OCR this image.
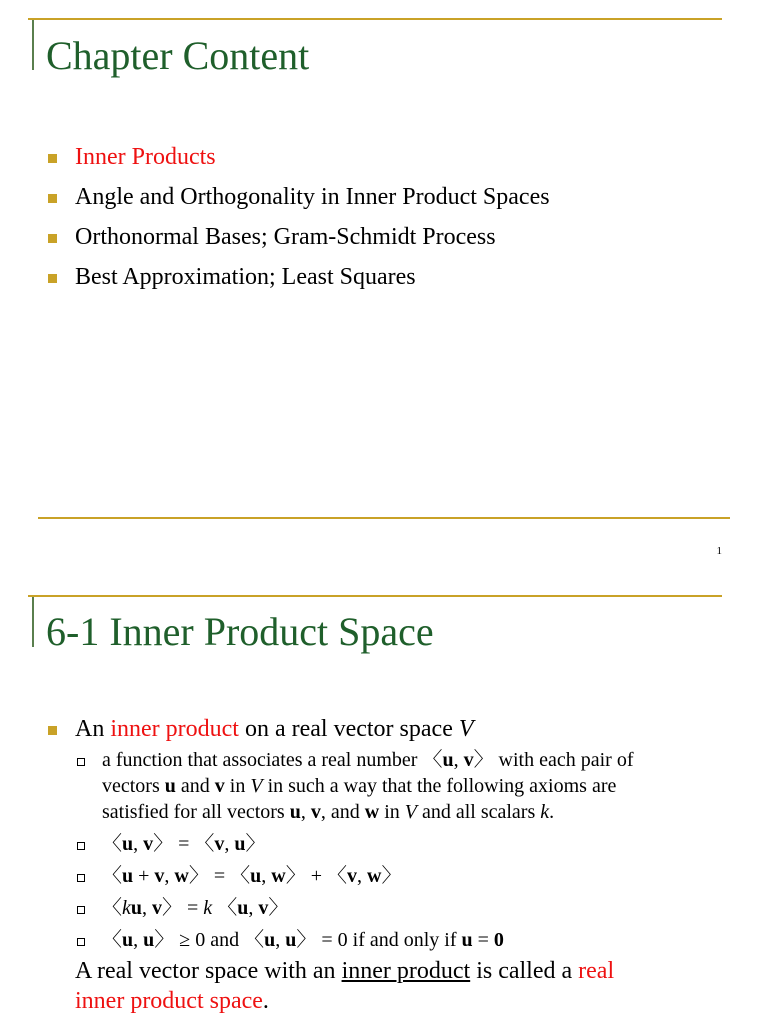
Chapter Content
Inner Products
Angle and Orthogonality in Inner Product Spaces
Orthonormal Bases; Gram-Schmidt Process
Best Approximation; Least Squares
1
6-1 Inner Product Space
An inner product on a real vector space V
a function that associates a real number 〈u, v〉 with each pair of
vectors u and v in V in such a way that the following axioms are
satisfied for all vectors u, v, and w in V and all scalars k.
〈u, v〉 = 〈v, u〉
〈u + v, w〉 = 〈u, w〉 + 〈v, w〉
〈ku, v〉 = k 〈u, v〉
〈u, u〉 ≥ 0 and 〈u, u〉 = 0 if and only if u = 0
A real vector space with an inner product is called a real
inner product space.
